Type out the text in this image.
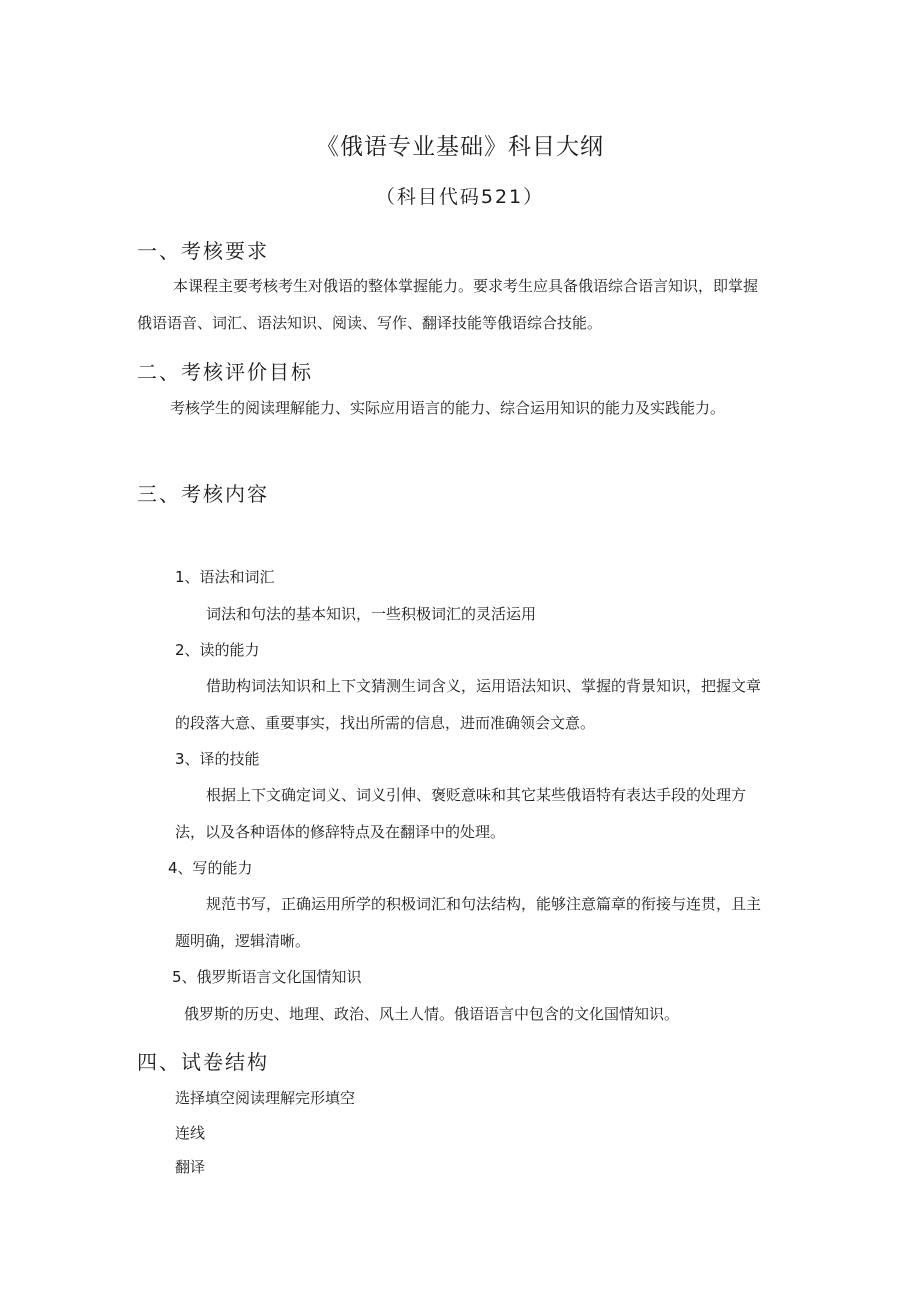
《俄语专业基础》科目大纲
（科目代码521）
一、考核要求
本课程主要考核考生对俄语的整体掌握能力。要求考生应具备俄语综合语言知识，即掌握
俄语语音、词汇、语法知识、阅读、写作、翻译技能等俄语综合技能。
二、考核评价目标
考核学生的阅读理解能力、实际应用语言的能力、综合运用知识的能力及实践能力。
三、考核内容
1、语法和词汇
词法和句法的基本知识，一些积极词汇的灵活运用
2、读的能力
借助构词法知识和上下文猜测生词含义，运用语法知识、掌握的背景知识，把握文章
的段落大意、重要事实，找出所需的信息，进而准确领会文意。
3、译的技能
根据上下文确定词义、词义引伸、褒贬意味和其它某些俄语特有表达手段的处理方
法，以及各种语体的修辞特点及在翻译中的处理。
4、写的能力
规范书写，正确运用所学的积极词汇和句法结构，能够注意篇章的衔接与连贯，且主
题明确，逻辑清晰。
5、俄罗斯语言文化国情知识
俄罗斯的历史、地理、政治、风土人情。俄语语言中包含的文化国情知识。
四、试卷结构
选择填空阅读理解完形填空
连线
翻译
